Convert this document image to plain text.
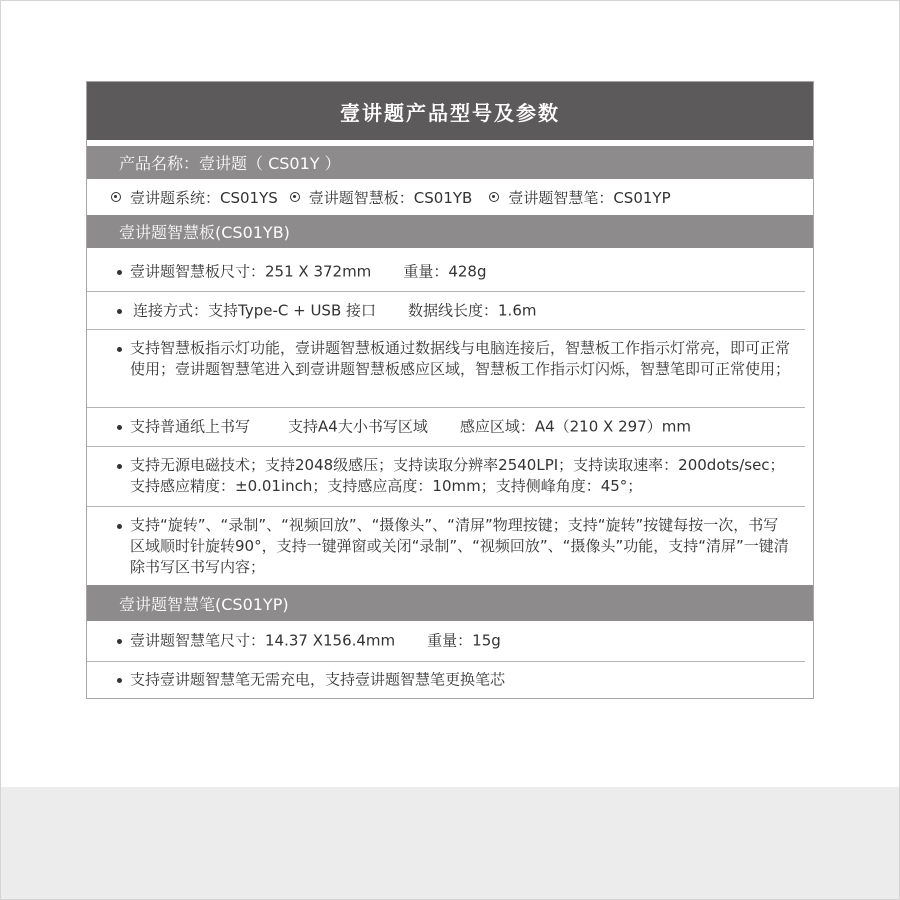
壹讲题产品型号及参数
产品名称：壹讲题（ CS01Y ）
壹讲题系统：CS01YS 壹讲题智慧板：CS01YB 壹讲题智慧笔：CS01YP
壹讲题智慧板(CS01YB)
壹讲题智慧板尺寸：251 X 372mm 重量：428g
连接方式：支持Type-C + USB 接口 数据线长度：1.6m
支持智慧板指示灯功能，壹讲题智慧板通过数据线与电脑连接后，智慧板工作指示灯常亮，即可正常使用；壹讲题智慧笔进入到壹讲题智慧板感应区域，智慧板工作指示灯闪烁，智慧笔即可正常使用；
支持普通纸上书写	支持A4大小书写区域 感应区域：A4（210 X 297）mm
支持无源电磁技术；支持2048级感压；支持读取分辨率2540LPI；支持读取速率：200dots/sec；支持感应精度：±0.01inch；支持感应高度：10mm；支持侧峰角度：45°；
支持“旋转”、“录制”、“视频回放”、“摄像头”、“清屏”物理按键；支持“旋转”按键每按一次，书写区域顺时针旋转90°，支持一键弹窗或关闭“录制”、“视频回放”、“摄像头”功能，支持“清屏”一键清除书写区书写内容；
壹讲题智慧笔(CS01YP)
壹讲题智慧笔尺寸：14.37 X156.4mm 重量：15g
支持壹讲题智慧笔无需充电，支持壹讲题智慧笔更换笔芯
